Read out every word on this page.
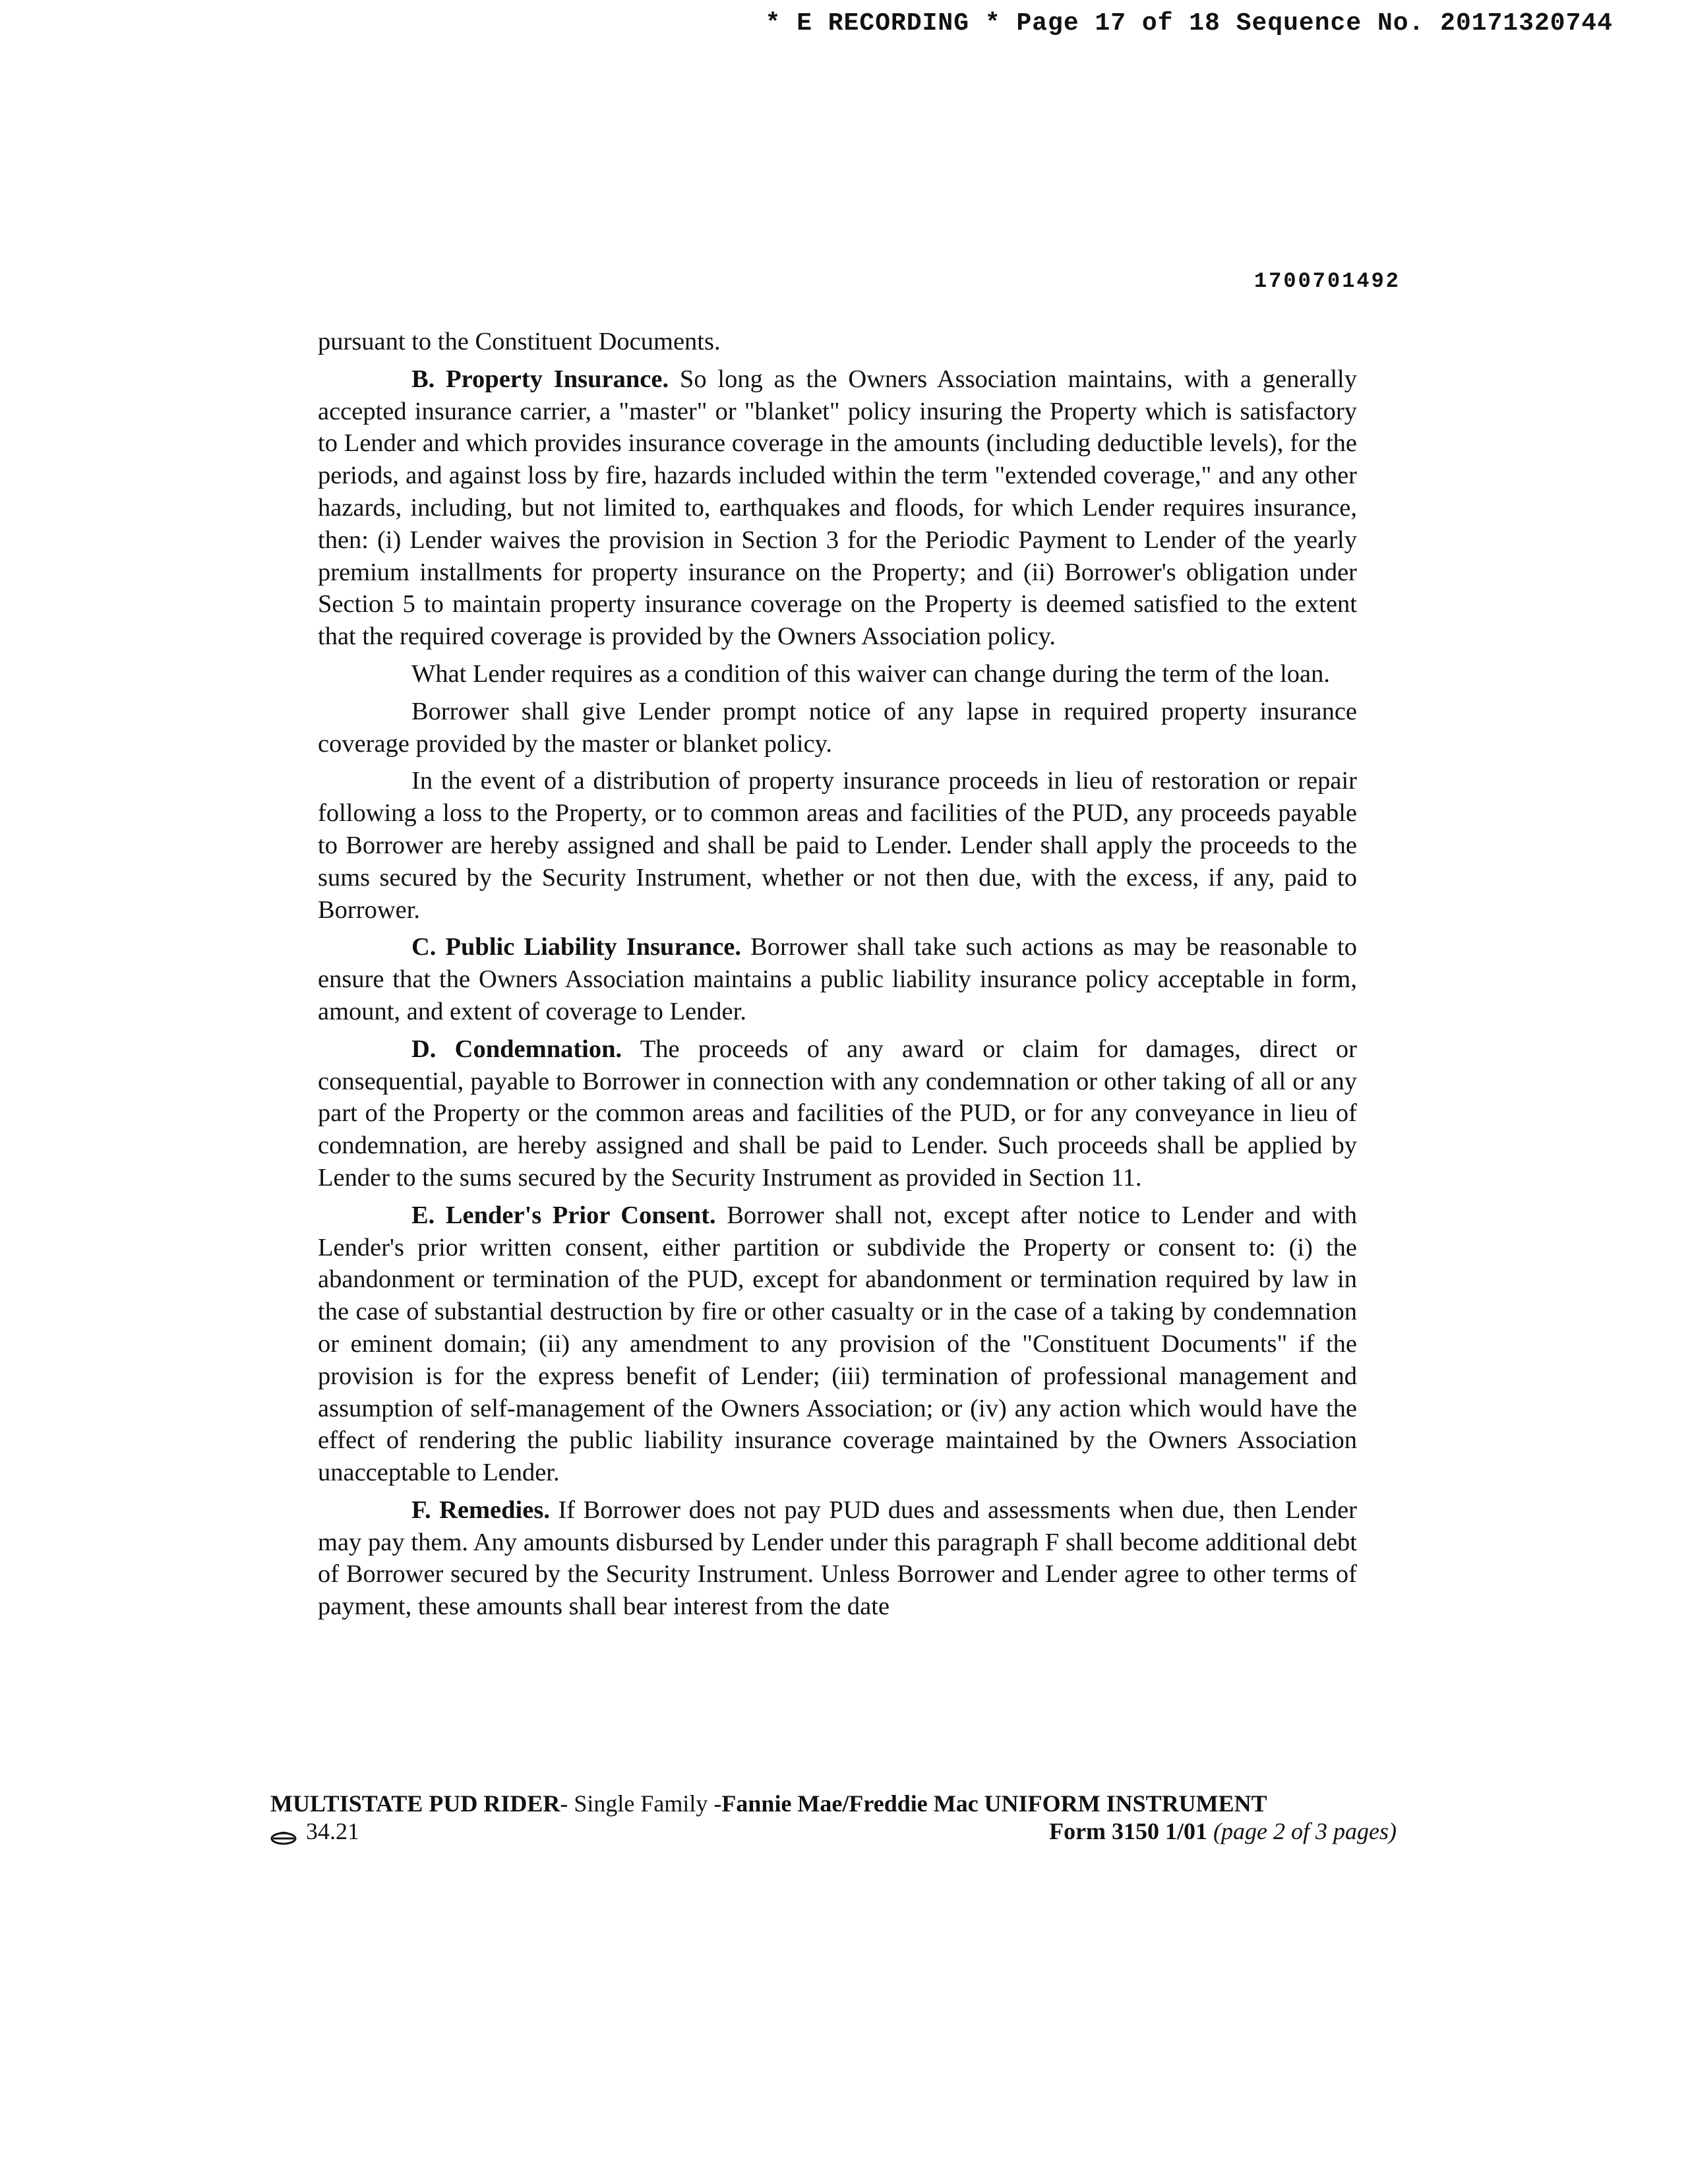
* E RECORDING * Page 17 of 18 Sequence No. 20171320744
1700701492

pursuant to the Constituent Documents.

B. Property Insurance. So long as the Owners Association maintains, with a generally accepted insurance carrier, a "master" or "blanket" policy insuring the Property which is satisfactory to Lender and which provides insurance coverage in the amounts (including deductible levels), for the periods, and against loss by fire, hazards included within the term "extended coverage," and any other hazards, including, but not limited to, earthquakes and floods, for which Lender requires insurance, then: (i) Lender waives the provision in Section 3 for the Periodic Payment to Lender of the yearly premium installments for property insurance on the Property; and (ii) Borrower's obligation under Section 5 to maintain property insurance coverage on the Property is deemed satisfied to the extent that the required coverage is provided by the Owners Association policy.

What Lender requires as a condition of this waiver can change during the term of the loan.

Borrower shall give Lender prompt notice of any lapse in required property insurance coverage provided by the master or blanket policy.

In the event of a distribution of property insurance proceeds in lieu of restoration or repair following a loss to the Property, or to common areas and facilities of the PUD, any proceeds payable to Borrower are hereby assigned and shall be paid to Lender. Lender shall apply the proceeds to the sums secured by the Security Instrument, whether or not then due, with the excess, if any, paid to Borrower.

C. Public Liability Insurance. Borrower shall take such actions as may be reasonable to ensure that the Owners Association maintains a public liability insurance policy acceptable in form, amount, and extent of coverage to Lender.

D. Condemnation. The proceeds of any award or claim for damages, direct or consequential, payable to Borrower in connection with any condemnation or other taking of all or any part of the Property or the common areas and facilities of the PUD, or for any conveyance in lieu of condemnation, are hereby assigned and shall be paid to Lender. Such proceeds shall be applied by Lender to the sums secured by the Security Instrument as provided in Section 11.

E. Lender's Prior Consent. Borrower shall not, except after notice to Lender and with Lender's prior written consent, either partition or subdivide the Property or consent to: (i) the abandonment or termination of the PUD, except for abandonment or termination required by law in the case of substantial destruction by fire or other casualty or in the case of a taking by condemnation or eminent domain; (ii) any amendment to any provision of the "Constituent Documents" if the provision is for the express benefit of Lender; (iii) termination of professional management and assumption of self-management of the Owners Association; or (iv) any action which would have the effect of rendering the public liability insurance coverage maintained by the Owners Association unacceptable to Lender.

F. Remedies. If Borrower does not pay PUD dues and assessments when due, then Lender may pay them. Any amounts disbursed by Lender under this paragraph F shall become additional debt of Borrower secured by the Security Instrument. Unless Borrower and Lender agree to other terms of payment, these amounts shall bear interest from the date

MULTISTATE PUD RIDER- Single Family -Fannie Mae/Freddie Mac UNIFORM INSTRUMENT
34.21	Form 3150 1/01 (page 2 of 3 pages)
